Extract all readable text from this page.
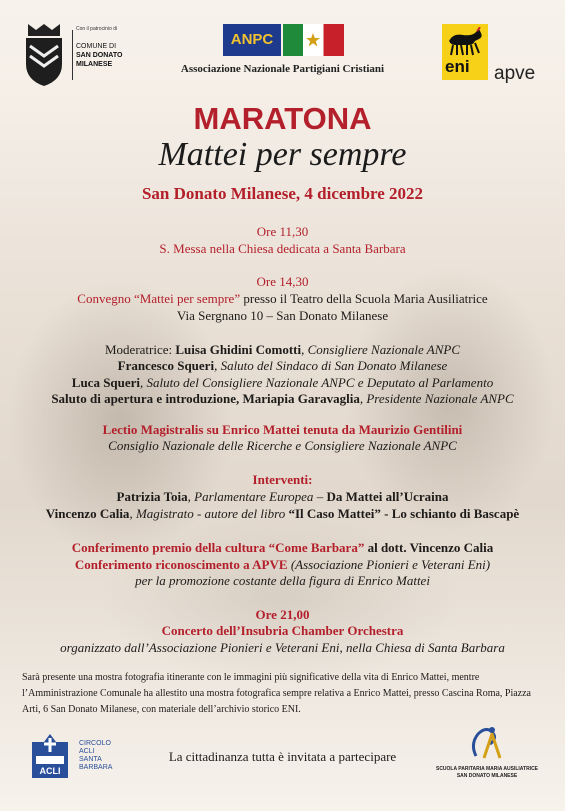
Con il patrocinio di
COMUNE DI
SAN DONATO
MILANESE
ANPC
Associazione Nazionale Partigiani Cristiani	eni apve
MARATONA
Mattei per sempre
San Donato Milanese, 4 dicembre 2022
Ore 11,30
S. Messa nella Chiesa dedicata a Santa Barbara
Ore 14,30
Convegno “Mattei per sempre” presso il Teatro della Scuola Maria Ausiliatrice
Via Sergnano 10 – San Donato Milanese
Moderatrice: Luisa Ghidini Comotti, Consigliere Nazionale ANPC
Francesco Squeri, Saluto del Sindaco di San Donato Milanese
Luca Squeri, Saluto del Consigliere Nazionale ANPC e Deputato al Parlamento
Saluto di apertura e introduzione, Mariapia Garavaglia, Presidente Nazionale ANPC
Lectio Magistralis su Enrico Mattei tenuta da Maurizio Gentilini
Consiglio Nazionale delle Ricerche e Consigliere Nazionale ANPC
Interventi:
Patrizia Toia, Parlamentare Europea – Da Mattei all’Ucraina
Vincenzo Calia, Magistrato - autore del libro “Il Caso Mattei” - Lo schianto di Bascapè
Conferimento premio della cultura “Come Barbara” al dott. Vincenzo Calia
Conferimento riconoscimento a APVE (Associazione Pionieri e Veterani Eni)
per la promozione costante della figura di Enrico Mattei
Ore 21,00
Concerto dell’Insubria Chamber Orchestra
organizzato dall’Associazione Pionieri e Veterani Eni, nella Chiesa di Santa Barbara
Sarà presente una mostra fotografia itinerante con le immagini più significative della vita di Enrico Mattei, mentre l’Amministrazione Comunale ha allestito una mostra fotografica sempre relativa a Enrico Mattei, presso Cascina Roma, Piazza Arti, 6 San Donato Milanese, con materiale dell’archivio storico ENI.
ACLI
CIRCOLO
ACLI
SANTA
BARBARA
La cittadinanza tutta è invitata a partecipare
SCUOLA PARITARIA MARIA AUSILIATRICE
SAN DONATO MILANESE
